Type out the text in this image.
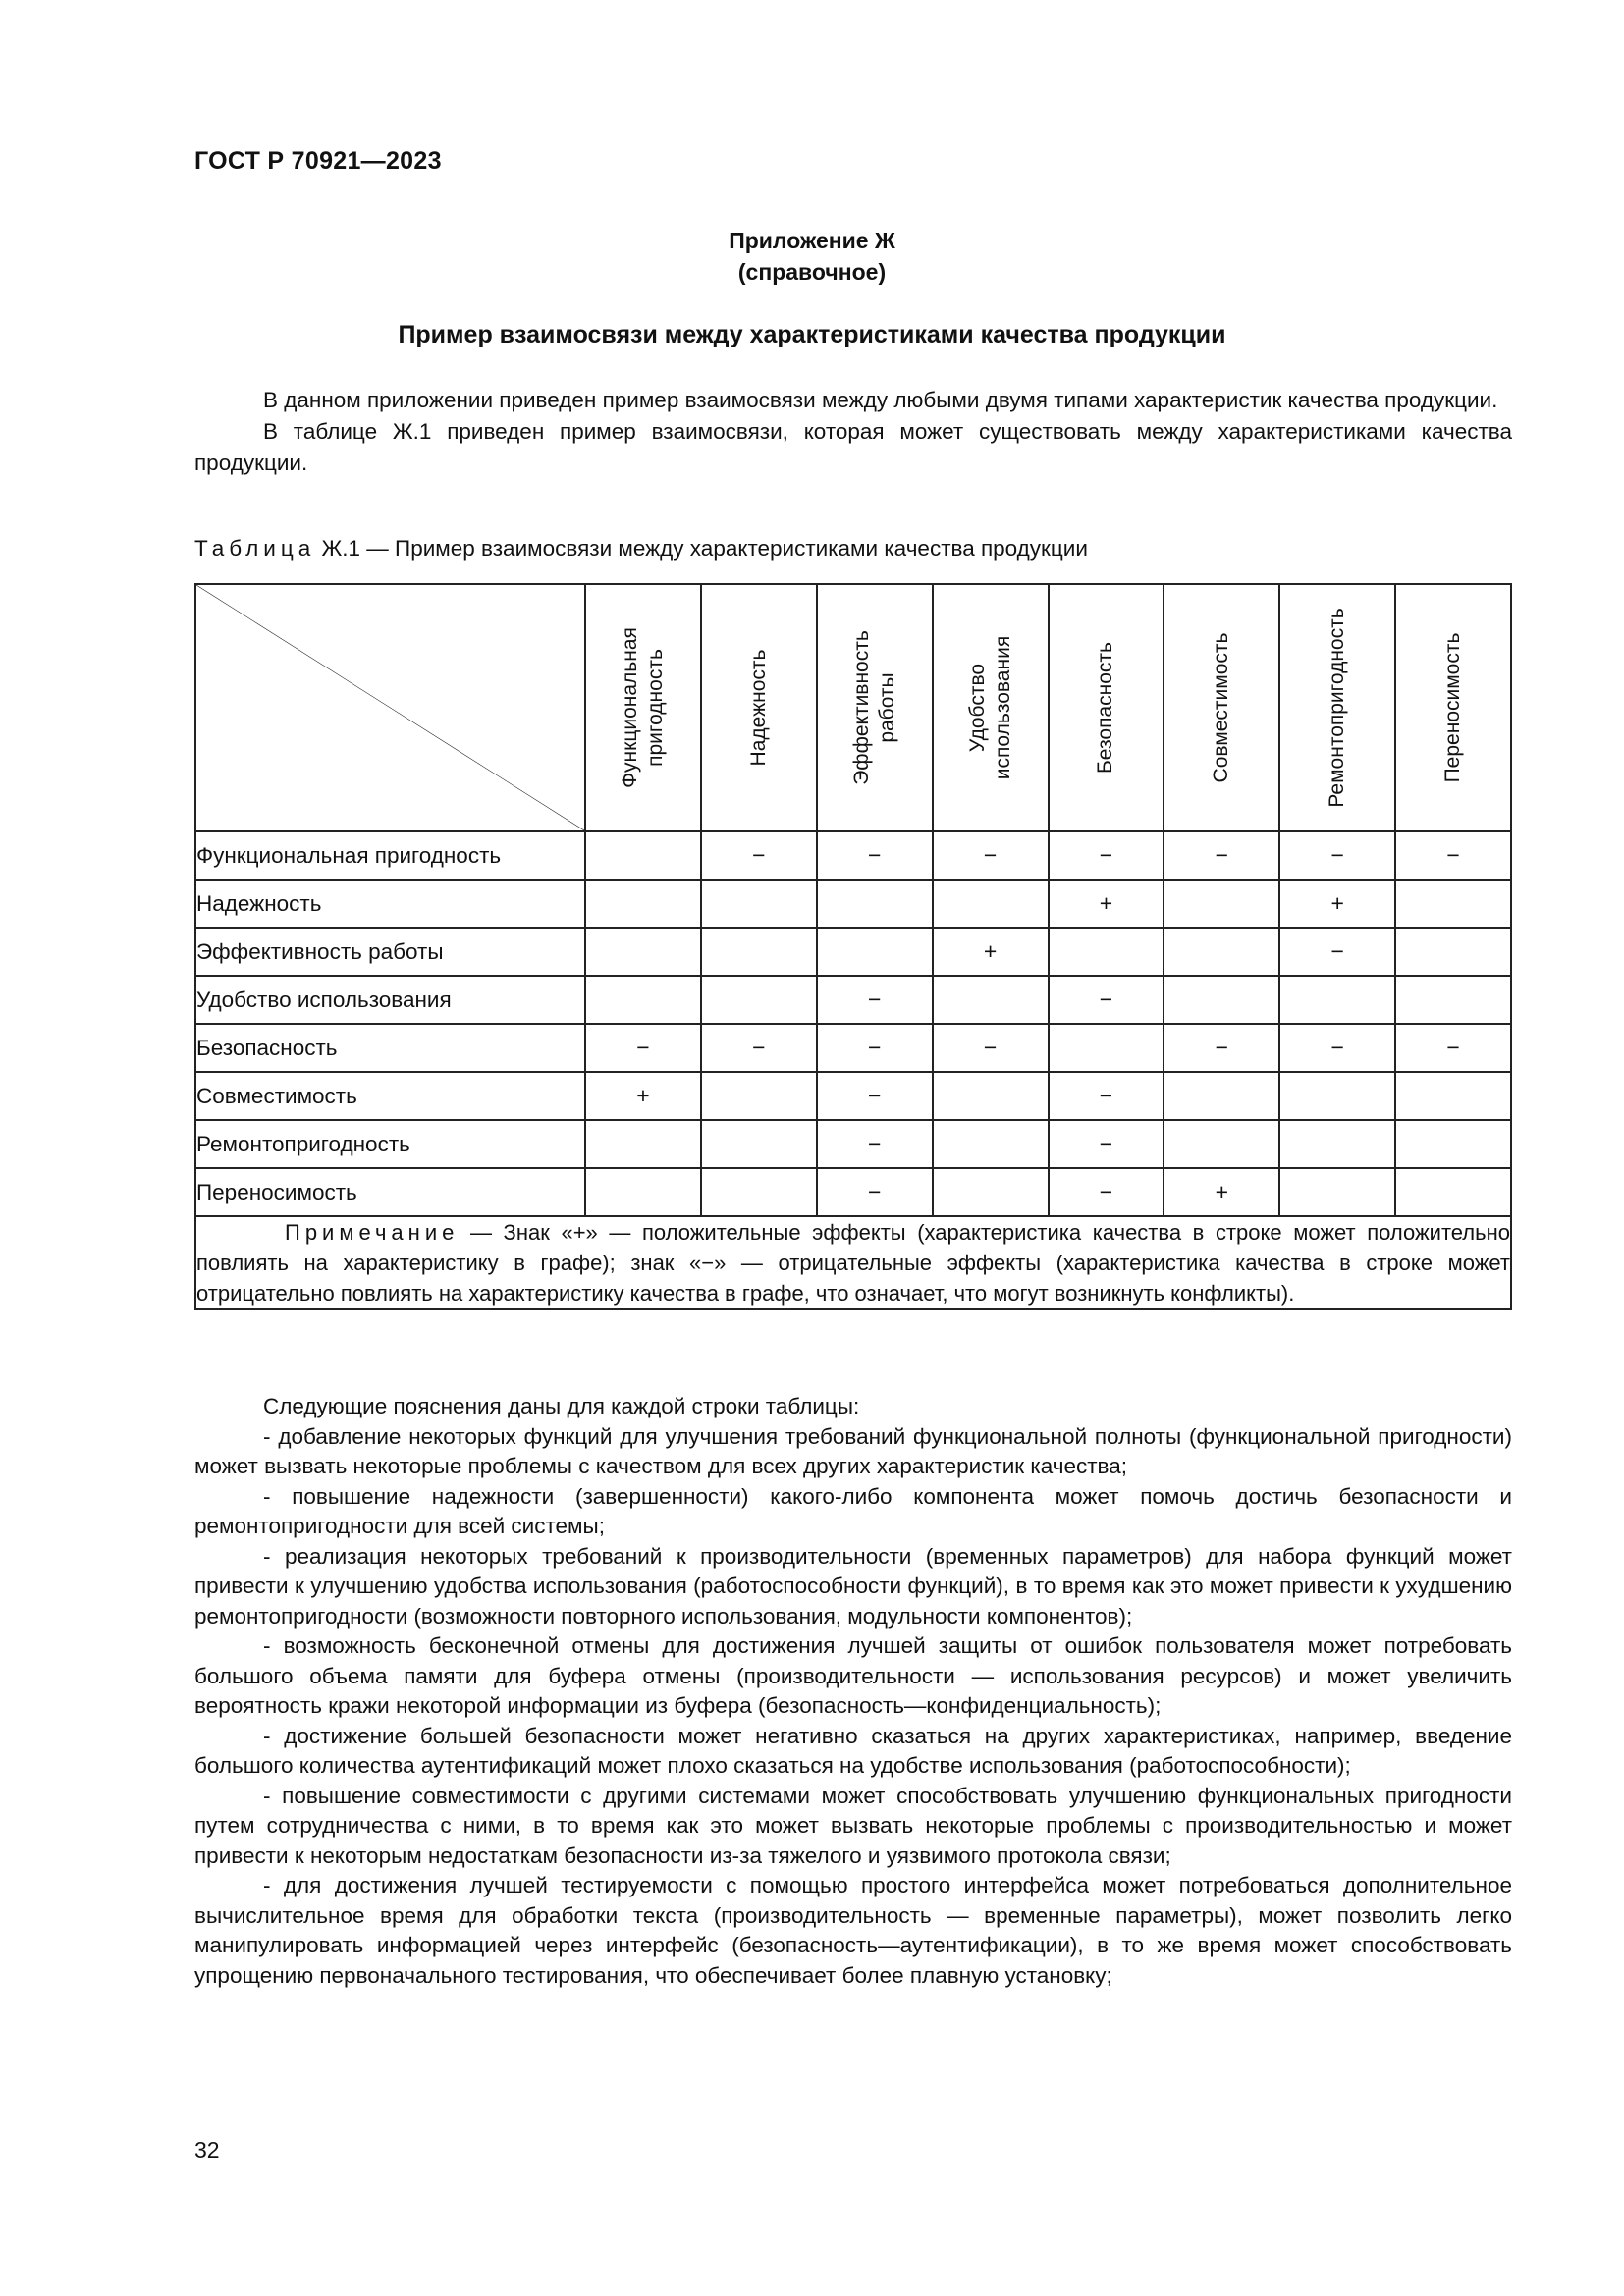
ГОСТ Р 70921—2023
Приложение Ж
(справочное)
Пример взаимосвязи между характеристиками качества продукции

В данном приложении приведен пример взаимосвязи между любыми двумя типами характеристик качества продукции.

В таблице Ж.1 приведен пример взаимосвязи, которая может существовать между характеристиками качества продукции.

Таблица Ж.1 — Пример взаимосвязи между характеристиками качества продукции

Функциональная пригодность	Надежность	Эффективность работы	Удобство использования	Безопасность	Совместимость	Ремонтопригодность	Переносимость

Функциональная пригодность		−	−	−	−	−	−	−
Надежность					+		+	
Эффективность работы				+			−	
Удобство использования			−		−			
Безопасность	−	−	−	−		−	−	−
Совместимость	+		−		−			
Ремонтопригодность			−		−			
Переносимость			−		−	+		
Примечание — Знак «+» — положительные эффекты (характеристика качества в строке может положительно повлиять на характеристику в графе); знак «−» — отрицательные эффекты (характеристика качества в строке может отрицательно повлиять на характеристику качества в графе, что означает, что могут возникнуть конфликты).								

Следующие пояснения даны для каждой строки таблицы:

- добавление некоторых функций для улучшения требований функциональной полноты (функциональной пригодности) может вызвать некоторые проблемы с качеством для всех других характеристик качества;

- повышение надежности (завершенности) какого-либо компонента может помочь достичь безопасности и ремонтопригодности для всей системы;

- реализация некоторых требований к производительности (временных параметров) для набора функций может привести к улучшению удобства использования (работоспособности функций), в то время как это может привести к ухудшению ремонтопригодности (возможности повторного использования, модульности компонентов);

- возможность бесконечной отмены для достижения лучшей защиты от ошибок пользователя может потребовать большого объема памяти для буфера отмены (производительности — использования ресурсов) и может увеличить вероятность кражи некоторой информации из буфера (безопасность—конфиденциальность);

- достижение большей безопасности может негативно сказаться на других характеристиках, например, введение большого количества аутентификаций может плохо сказаться на удобстве использования (работоспособности);

- повышение совместимости с другими системами может способствовать улучшению функциональных пригодности путем сотрудничества с ними, в то время как это может вызвать некоторые проблемы с производительностью и может привести к некоторым недостаткам безопасности из-за тяжелого и уязвимого протокола связи;

- для достижения лучшей тестируемости с помощью простого интерфейса может потребоваться дополнительное вычислительное время для обработки текста (производительность — временные параметры), может позволить легко манипулировать информацией через интерфейс (безопасность—аутентификации), в то же время может способствовать упрощению первоначального тестирования, что обеспечивает более плавную установку;

32
